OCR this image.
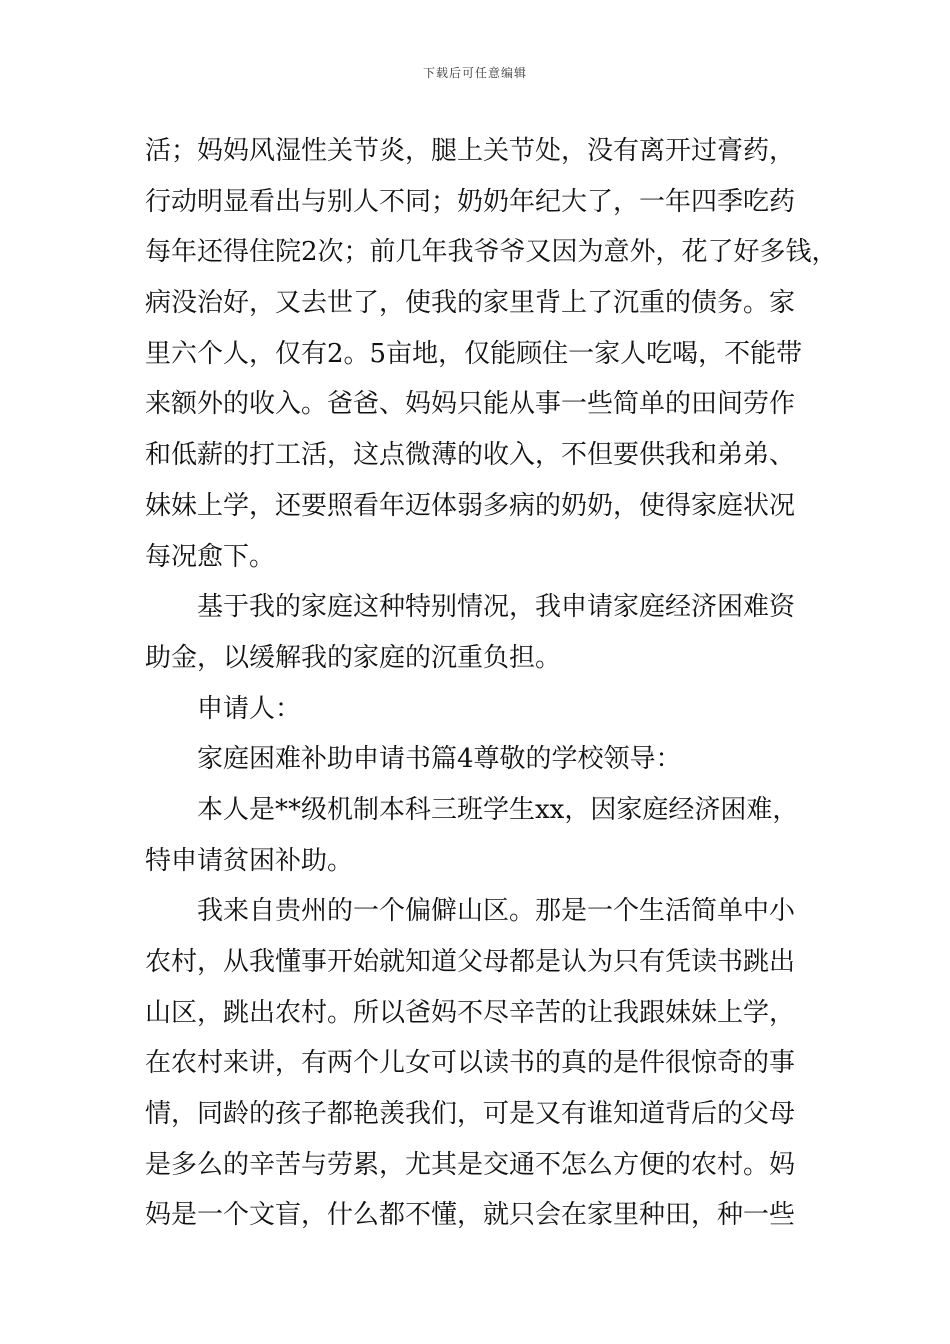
下载后可任意编辑
活；妈妈风湿性关节炎，腿上关节处，没有离开过膏药，
行动明显看出与别人不同；奶奶年纪大了，一年四季吃药
每年还得住院2次；前几年我爷爷又因为意外，花了好多钱，
病没治好，又去世了，使我的家里背上了沉重的债务。家
里六个人，仅有2。5亩地，仅能顾住一家人吃喝，不能带
来额外的收入。爸爸、妈妈只能从事一些简单的田间劳作
和低薪的打工活，这点微薄的收入，不但要供我和弟弟、
妹妹上学，还要照看年迈体弱多病的奶奶，使得家庭状况
每况愈下。
基于我的家庭这种特别情况，我申请家庭经济困难资
助金，以缓解我的家庭的沉重负担。
申请人：
家庭困难补助申请书篇4尊敬的学校领导：
本人是**级机制本科三班学生xx，因家庭经济困难，
特申请贫困补助。
我来自贵州的一个偏僻山区。那是一个生活简单中小
农村，从我懂事开始就知道父母都是认为只有凭读书跳出
山区，跳出农村。所以爸妈不尽辛苦的让我跟妹妹上学，
在农村来讲，有两个儿女可以读书的真的是件很惊奇的事
情，同龄的孩子都艳羡我们，可是又有谁知道背后的父母
是多么的辛苦与劳累，尤其是交通不怎么方便的农村。妈
妈是一个文盲，什么都不懂，就只会在家里种田，种一些
